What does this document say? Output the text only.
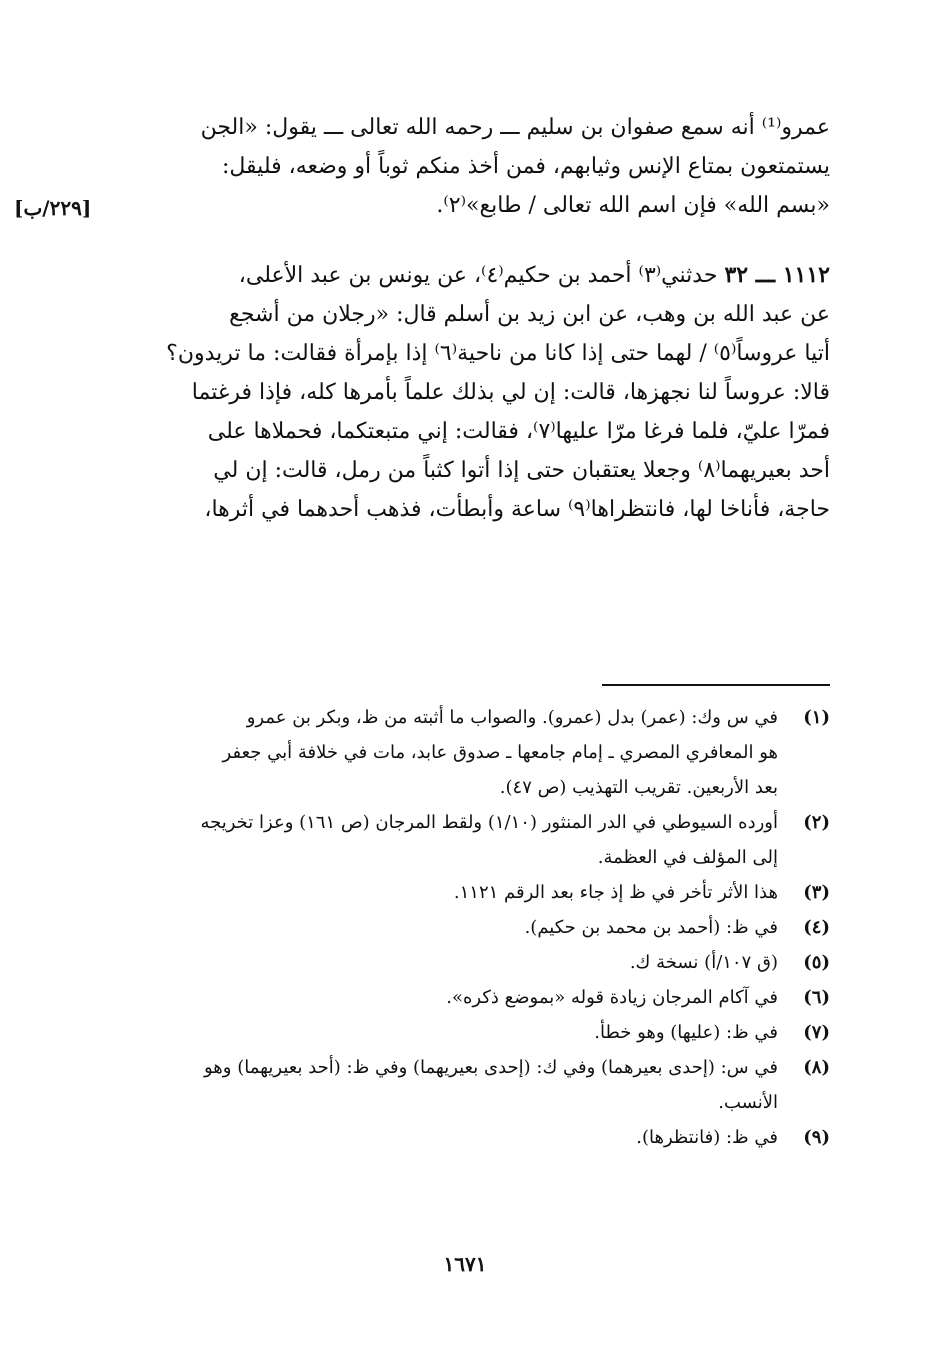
[٢٢٩/ب]
عمرو⁽¹⁾ أنه سمع صفوان بن سليم ـــ رحمه الله تعالى ـــ يقول: «الجن
يستمتعون بمتاع الإنس وثيابهم، فمن أخذ منكم ثوباً أو وضعه، فليقل:
«بسم الله» فإن اسم الله تعالى / طابع»⁽٢⁾.
١١١٢ ـــ ٣٢ حدثني⁽٣⁾ أحمد بن حكيم⁽٤⁾، عن يونس بن عبد الأعلى،
عن عبد الله بن وهب، عن ابن زيد بن أسلم قال: «رجلان من أشجع
أتيا عروساً⁽٥⁾ / لهما حتى إذا كانا من ناحية⁽٦⁾ إذا بإمرأة فقالت: ما تريدون؟
قالا: عروساً لنا نجهزها، قالت: إن لي بذلك علماً بأمرها كله، فإذا فرغتما
فمرّا عليّ، فلما فرغا مرّا عليها⁽٧⁾، فقالت: إني متبعتكما، فحملاها على
أحد بعيريهما⁽٨⁾ وجعلا يعتقبان حتى إذا أتوا كثباً من رمل، قالت: إن لي
حاجة، فأناخا لها، فانتظراها⁽٩⁾ ساعة وأبطأت، فذهب أحدهما في أثرها،
(١)
في س وك: (عمر) بدل (عمرو). والصواب ما أثبته من ظ، وبكر بن عمرو
هو المعافري المصري ـ إمام جامعها ـ صدوق عابد، مات في خلافة أبي جعفر
بعد الأربعين. تقريب التهذيب (ص ٤٧).
(٢)
أورده السيوطي في الدر المنثور (١/١٠) ولقط المرجان (ص ١٦١) وعزا تخريجه
إلى المؤلف في العظمة.
(٣)
هذا الأثر تأخر في ظ إذ جاء بعد الرقم ١١٢١.
(٤)
في ظ: (أحمد بن محمد بن حكيم).
(٥)
(ق ١٠٧/أ) نسخة ك.
(٦)
في آكام المرجان زيادة قوله «بموضع ذكره».
(٧)
في ظ: (عليها) وهو خطأ.
(٨)
في س: (إحدى بعيرهما) وفي ك: (إحدى بعيريهما) وفي ظ: (أحد بعيريهما) وهو
الأنسب.
(٩)
في ظ: (فانتظرها).
١٦٧١
